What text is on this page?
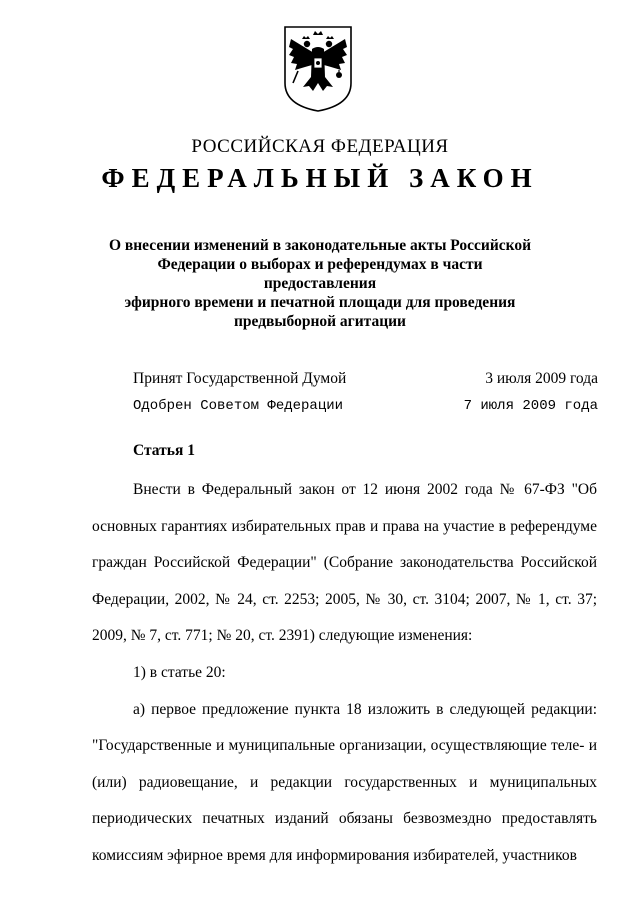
РОССИЙСКАЯ ФЕДЕРАЦИЯ
ФЕДЕРАЛЬНЫЙ ЗАКОН
О внесении изменений в законодательные акты Российской
Федерации о выборах и референдумах в части предоставления
эфирного времени и печатной площади для проведения
предвыборной агитации
Принят Государственной Думой	3 июля 2009 года
Одобрен Советом Федерации	7 июля 2009 года
Статья 1

Внести в Федеральный закон от 12 июня 2002 года № 67-ФЗ "Об основных гарантиях избирательных прав и права на участие в референдуме граждан Российской Федерации" (Собрание законодательства Российской Федерации, 2002, № 24, ст. 2253; 2005, № 30, ст. 3104; 2007, № 1, ст. 37; 2009, № 7, ст. 771; № 20, ст. 2391) следующие изменения:

1) в статье 20:

а) первое предложение пункта 18 изложить в следующей редакции: "Государственные и муниципальные организации, осуществляющие теле- и (или) радиовещание, и редакции государственных и муниципальных периодических печатных изданий обязаны безвозмездно предоставлять комиссиям эфирное время для информирования избирателей, участников
